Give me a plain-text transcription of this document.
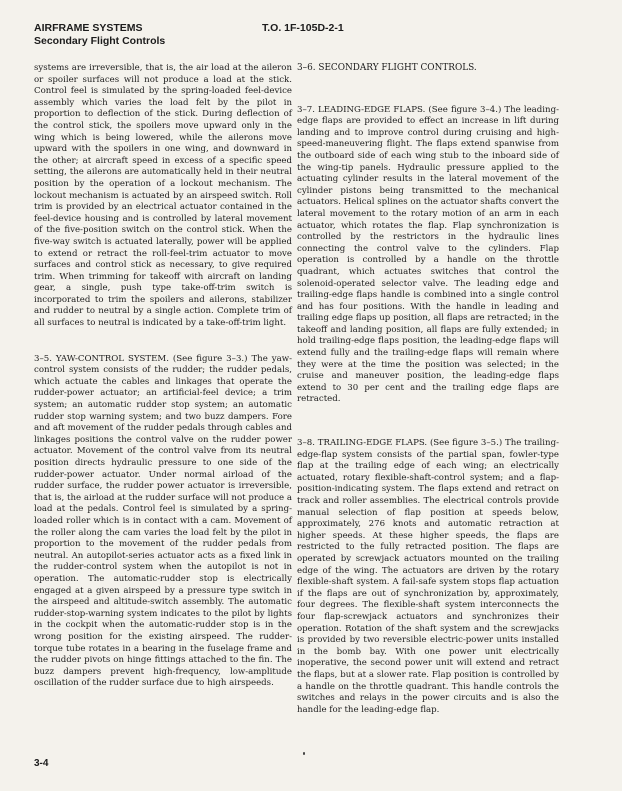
AIRFRAME SYSTEMS
Secondary Flight Controls
T.O. 1F-105D-2-1

systems are irreversible, that is, the air load at the aileron or spoiler surfaces will not produce a load at the stick. Control feel is simulated by the spring-loaded feel-device assembly which varies the load felt by the pilot in proportion to deflection of the stick. During deflection of the control stick, the spoilers move upward only in the wing which is being lowered, while the ailerons move upward with the spoilers in one wing, and downward in the other; at aircraft speed in excess of a specific speed setting, the ailerons are automatically held in their neutral position by the operation of a lockout mechanism. The lockout mechanism is actuated by an airspeed switch. Roll trim is provided by an electrical actuator contained in the feel-device housing and is controlled by lateral movement of the five-position switch on the control stick. When the five-way switch is actuated laterally, power will be applied to extend or retract the roll-feel-trim actuator to move surfaces and control stick as necessary, to give required trim. When trimming for takeoff with aircraft on landing gear, a single, push type take-off-trim switch is incorporated to trim the spoilers and ailerons, stabilizer and rudder to neutral by a single action. Complete trim of all surfaces to neutral is indicated by a take-off-trim light.

3–5. YAW-CONTROL SYSTEM. (See figure 3–3.) The yaw-control system consists of the rudder; the rudder pedals, which actuate the cables and linkages that operate the rudder-power actuator; an artificial-feel device; a trim system; an automatic rudder stop system; an automatic rudder stop warning system; and two buzz dampers. Fore and aft movement of the rudder pedals through cables and linkages positions the control valve on the rudder power actuator. Movement of the control valve from its neutral position directs hydraulic pressure to one side of the rudder-power actuator. Under normal airload of the rudder surface, the rudder power actuator is irreversible, that is, the airload at the rudder surface will not produce a load at the pedals. Control feel is simulated by a spring-loaded roller which is in contact with a cam. Movement of the roller along the cam varies the load felt by the pilot in proportion to the movement of the rudder pedals from neutral. An autopilot-series actuator acts as a fixed link in the rudder-control system when the autopilot is not in operation. The automatic-rudder stop is electrically engaged at a given airspeed by a pressure type switch in the airspeed and altitude-switch assembly. The automatic rudder-stop-warning system indicates to the pilot by lights in the cockpit when the automatic-rudder stop is in the wrong position for the existing airspeed. The rudder-torque tube rotates in a bearing in the fuselage frame and the rudder pivots on hinge fittings attached to the fin. The buzz dampers prevent high-frequency, low-amplitude oscillation of the rudder surface due to high airspeeds.

3–6. SECONDARY FLIGHT CONTROLS.

3–7. LEADING-EDGE FLAPS. (See figure 3–4.) The leading-edge flaps are provided to effect an increase in lift during landing and to improve control during cruising and high-speed-maneuvering flight. The flaps extend spanwise from the outboard side of each wing stub to the inboard side of the wing-tip panels. Hydraulic pressure applied to the actuating cylinder results in the lateral movement of the cylinder pistons being transmitted to the mechanical actuators. Helical splines on the actuator shafts convert the lateral movement to the rotary motion of an arm in each actuator, which rotates the flap. Flap synchronization is controlled by the restrictors in the hydraulic lines connecting the control valve to the cylinders. Flap operation is controlled by a handle on the throttle quadrant, which actuates switches that control the solenoid-operated selector valve. The leading edge and trailing-edge flaps handle is combined into a single control and has four positions. With the handle in leading and trailing edge flaps up position, all flaps are retracted; in the takeoff and landing position, all flaps are fully extended; in hold trailing-edge flaps position, the leading-edge flaps will extend fully and the trailing-edge flaps will remain where they were at the time the position was selected; in the cruise and maneuver position, the leading-edge flaps extend to 30 per cent and the trailing edge flaps are retracted.

3–8. TRAILING-EDGE FLAPS. (See figure 3–5.) The trailing-edge-flap system consists of the partial span, fowler-type flap at the trailing edge of each wing; an electrically actuated, rotary flexible-shaft-control system; and a flap-position-indicating system. The flaps extend and retract on track and roller assemblies. The electrical controls provide manual selection of flap position at speeds below, approximately, 276 knots and automatic retraction at higher speeds. At these higher speeds, the flaps are restricted to the fully retracted position. The flaps are operated by screwjack actuators mounted on the trailing edge of the wing. The actuators are driven by the rotary flexible-shaft system. A fail-safe system stops flap actuation if the flaps are out of synchronization by, approximately, four degrees. The flexible-shaft system interconnects the four flap-screwjack actuators and synchronizes their operation. Rotation of the shaft system and the screwjacks is provided by two reversible electric-power units installed in the bomb bay. With one power unit electrically inoperative, the second power unit will extend and retract the flaps, but at a slower rate. Flap position is controlled by a handle on the throttle quadrant. This handle controls the switches and relays in the power circuits and is also the handle for the leading-edge flap.

3-4
